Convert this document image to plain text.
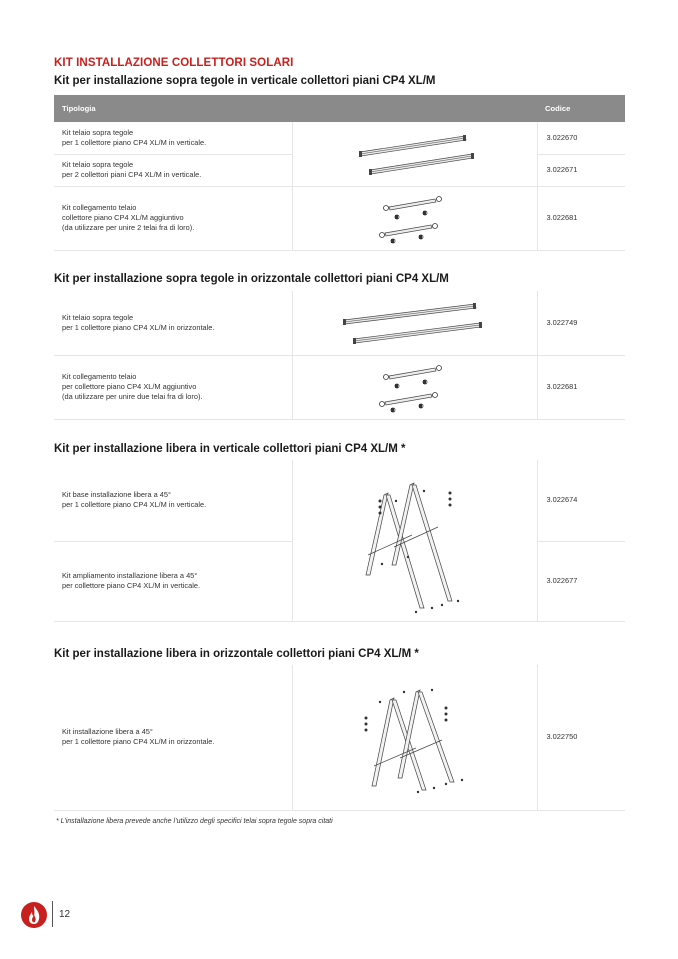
KIT INSTALLAZIONE COLLETTORI SOLARI
Kit per installazione sopra tegole in verticale collettori piani CP4 XL/M
Tipologia		Codice
Kit telaio sopra tegole
per 1 collettore piano CP4 XL/M in verticale.		3.022670
Kit telaio sopra tegole
per 2 collettori piani CP4 XL/M in verticale.		3.022671
Kit collegamento telaio
collettore piano CP4 XL/M aggiuntivo
(da utilizzare per unire 2 telai fra di loro).		3.022681
Kit per installazione sopra tegole in orizzontale collettori piani CP4 XL/M
Kit telaio sopra tegole
per 1 collettore piano CP4 XL/M in orizzontale.		3.022749
Kit collegamento telaio
per collettore piano CP4 XL/M aggiuntivo
(da utilizzare per unire due telai fra di loro).		3.022681
Kit per installazione libera in verticale collettori piani CP4 XL/M *
Kit base installazione libera a 45°
per 1 collettore piano CP4 XL/M in verticale.		3.022674
Kit ampliamento installazione libera a 45°
per collettore piano CP4 XL/M in verticale.		3.022677
Kit per installazione libera in orizzontale collettori piani CP4 XL/M *
Kit installazione libera a 45°
per 1 collettore piano CP4 XL/M in orizzontale.	
	3.022750
* L’installazione libera prevede anche l’utilizzo degli specifici telai sopra tegole sopra citati
12
